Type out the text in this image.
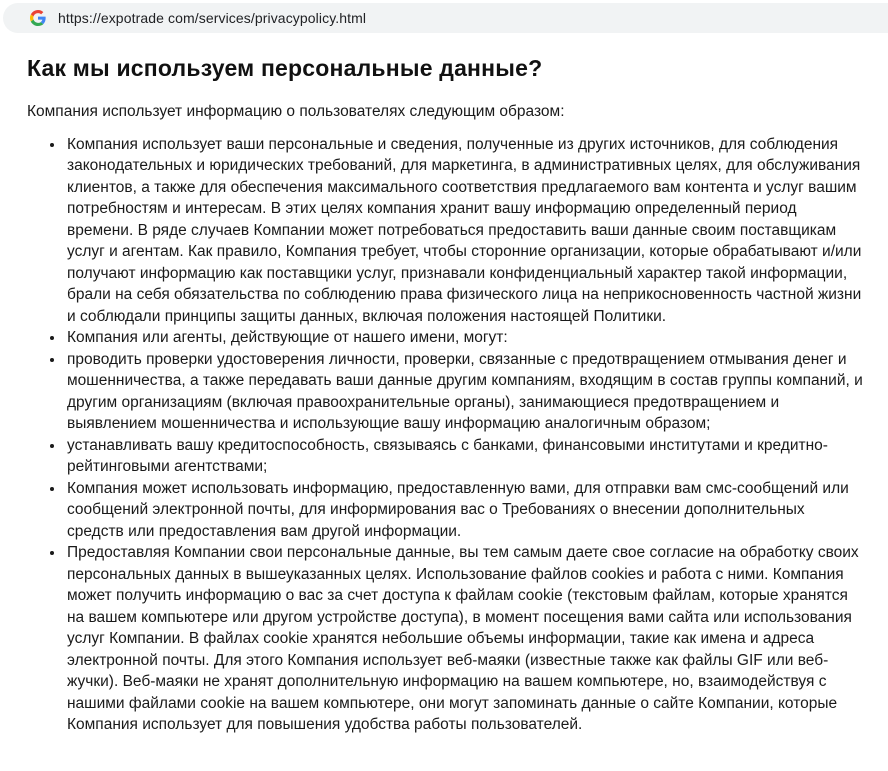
https://expotrade com/services/privacypolicy.html
Как мы используем персональные данные?

Компания использует информацию о пользователях следующим образом:

• Компания использует ваши персональные и сведения, полученные из других источников, для соблюдения законодательных и юридических требований, для маркетинга, в административных целях, для обслуживания клиентов, а также для обеспечения максимального соответствия предлагаемого вам контента и услуг вашим потребностям и интересам. В этих целях компания хранит вашу информацию определенный период времени. В ряде случаев Компании может потребоваться предоставить ваши данные своим поставщикам услуг и агентам. Как правило, Компания требует, чтобы сторонние организации, которые обрабатывают и/или получают информацию как поставщики услуг, признавали конфиденциальный характер такой информации, брали на себя обязательства по соблюдению права физического лица на неприкосновенность частной жизни и соблюдали принципы защиты данных, включая положения настоящей Политики.
• Компания или агенты, действующие от нашего имени, могут:
• проводить проверки удостоверения личности, проверки, связанные с предотвращением отмывания денег и мошенничества, а также передавать ваши данные другим компаниям, входящим в состав группы компаний, и другим организациям (включая правоохранительные органы), занимающиеся предотвращением и выявлением мошенничества и использующие вашу информацию аналогичным образом;
• устанавливать вашу кредитоспособность, связываясь с банками, финансовыми институтами и кредитно-рейтинговыми агентствами;
• Компания может использовать информацию, предоставленную вами, для отправки вам смс-сообщений или сообщений электронной почты, для информирования вас о Требованиях о внесении дополнительных средств или предоставления вам другой информации.
• Предоставляя Компании свои персональные данные, вы тем самым даете свое согласие на обработку своих персональных данных в вышеуказанных целях. Использование файлов cookies и работа с ними. Компания может получить информацию о вас за счет доступа к файлам cookie (текстовым файлам, которые хранятся на вашем компьютере или другом устройстве доступа), в момент посещения вами сайта или использования услуг Компании. В файлах cookie хранятся небольшие объемы информации, такие как имена и адреса электронной почты. Для этого Компания использует веб-маяки (известные также как файлы GIF или веб-жучки). Веб-маяки не хранят дополнительную информацию на вашем компьютере, но, взаимодействуя с нашими файлами cookie на вашем компьютере, они могут запоминать данные о сайте Компании, которые Компания использует для повышения удобства работы пользователей.
